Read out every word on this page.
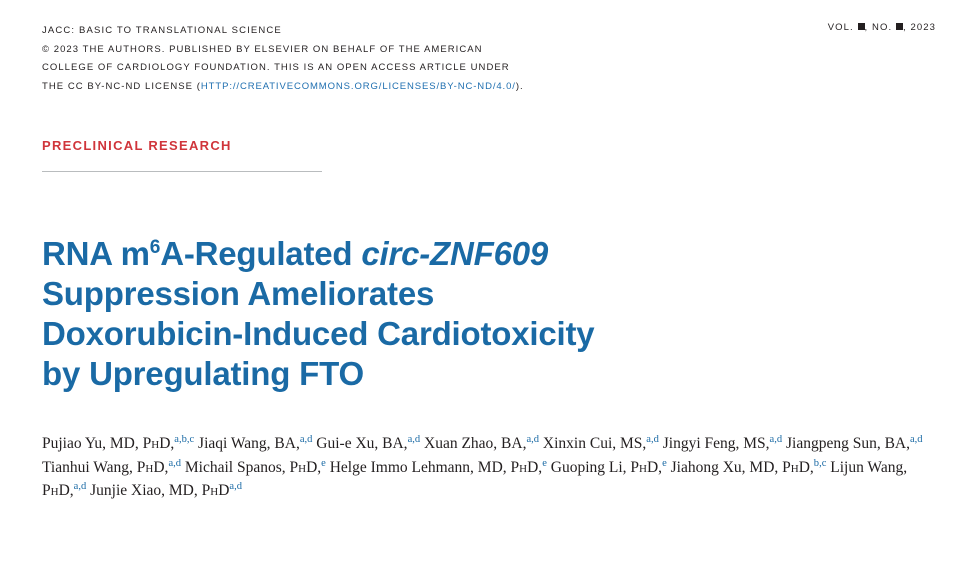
JACC: BASIC TO TRANSLATIONAL SCIENCE
© 2023 THE AUTHORS. PUBLISHED BY ELSEVIER ON BEHALF OF THE AMERICAN
COLLEGE OF CARDIOLOGY FOUNDATION. THIS IS AN OPEN ACCESS ARTICLE UNDER
THE CC BY-NC-ND LICENSE (HTTP://CREATIVECOMMONS.ORG/LICENSES/BY-NC-ND/4.0/).
VOL. , NO. , 2023
PRECLINICAL RESEARCH
RNA $m^6A$-Regulated circ-ZNF609
Suppression Ameliorates
Doxorubicin-Induced Cardiotoxicity
by Upregulating FTO
Pujiao Yu, MD, PhD,$^{a,b,c}$ Jiaqi Wang, BA,$^{a,d}$ Gui-e Xu, BA,$^{a,d}$ Xuan Zhao, BA,$^{a,d}$ Xinxin Cui, MS,$^{a,d}$ Jingyi Feng, MS,$^{a,d}$ Jiangpeng Sun, BA,$^{a,d}$ Tianhui Wang, PhD,$^{a,d}$ Michail Spanos, PhD,$^e$ Helge Immo Lehmann, MD, PhD,$^e$ Guoping Li, PhD,$^e$ Jiahong Xu, MD, PhD,$^{b,c}$ Lijun Wang, PhD,$^{a,d}$ Junjie Xiao, MD, PhD$^{a,d}$
